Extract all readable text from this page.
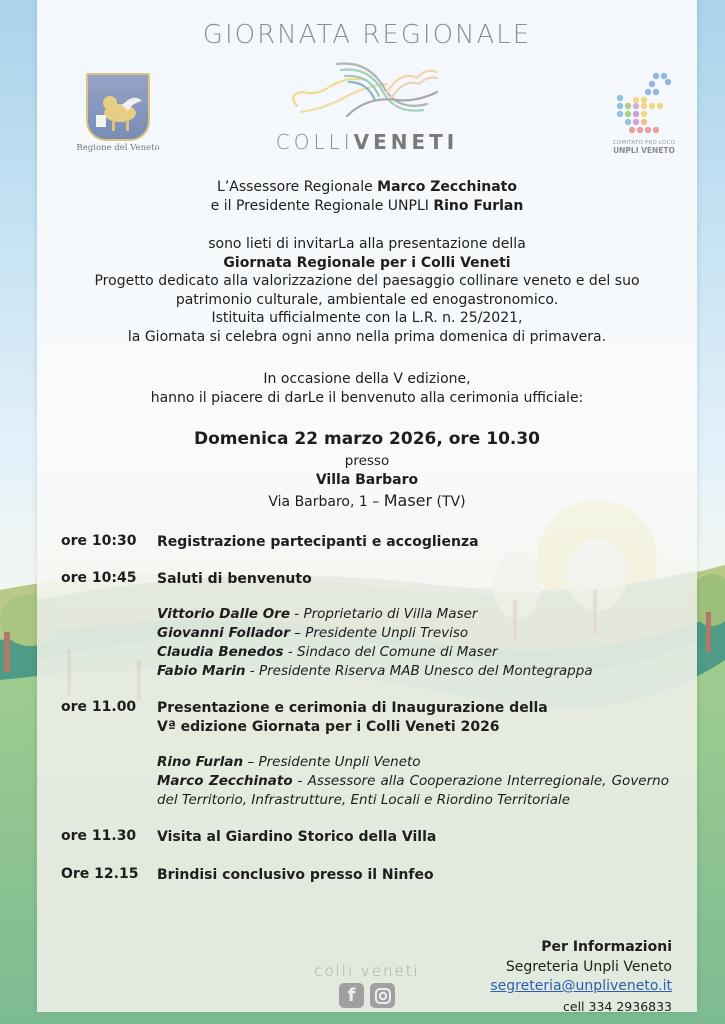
GIORNATA REGIONALE
Regione del Veneto	COLLIVENETI	COMITATO PRO LOCO
UNPLI VENETO
L’Assessore Regionale Marco Zecchinato
e il Presidente Regionale UNPLI Rino Furlan
sono lieti di invitarLa alla presentazione della
Giornata Regionale per i Colli Veneti
Progetto dedicato alla valorizzazione del paesaggio collinare veneto e del suo
patrimonio culturale, ambientale ed enogastronomico.
Istituita ufficialmente con la L.R. n. 25/2021,
la Giornata si celebra ogni anno nella prima domenica di primavera.
In occasione della V edizione,
hanno il piacere di darLe il benvenuto alla cerimonia ufficiale:
Domenica 22 marzo 2026, ore 10.30
presso
Villa Barbaro
Via Barbaro, 1 – Maser (TV)
ore 10:30	Registrazione partecipanti e accoglienza
ore 10:45	Saluti di benvenuto
Vittorio Dalle Ore - Proprietario di Villa Maser
Giovanni Follador – Presidente Unpli Treviso
Claudia Benedos - Sindaco del Comune di Maser
Fabio Marin - Presidente Riserva MAB Unesco del Montegrappa
ore 11.00	Presentazione e cerimonia di Inaugurazione della
Vª edizione Giornata per i Colli Veneti 2026
Rino Furlan – Presidente Unpli Veneto
Marco Zecchinato - Assessore alla Cooperazione Interregionale, Governo del Territorio, Infrastrutture, Enti Locali e Riordino Territoriale
ore 11.30	Visita al Giardino Storico della Villa
Ore 12.15	Brindisi conclusivo presso il Ninfeo
colli veneti
f
Per Informazioni
Segreteria Unpli Veneto
segreteria@unpliveneto.it
cell 334 2936833
